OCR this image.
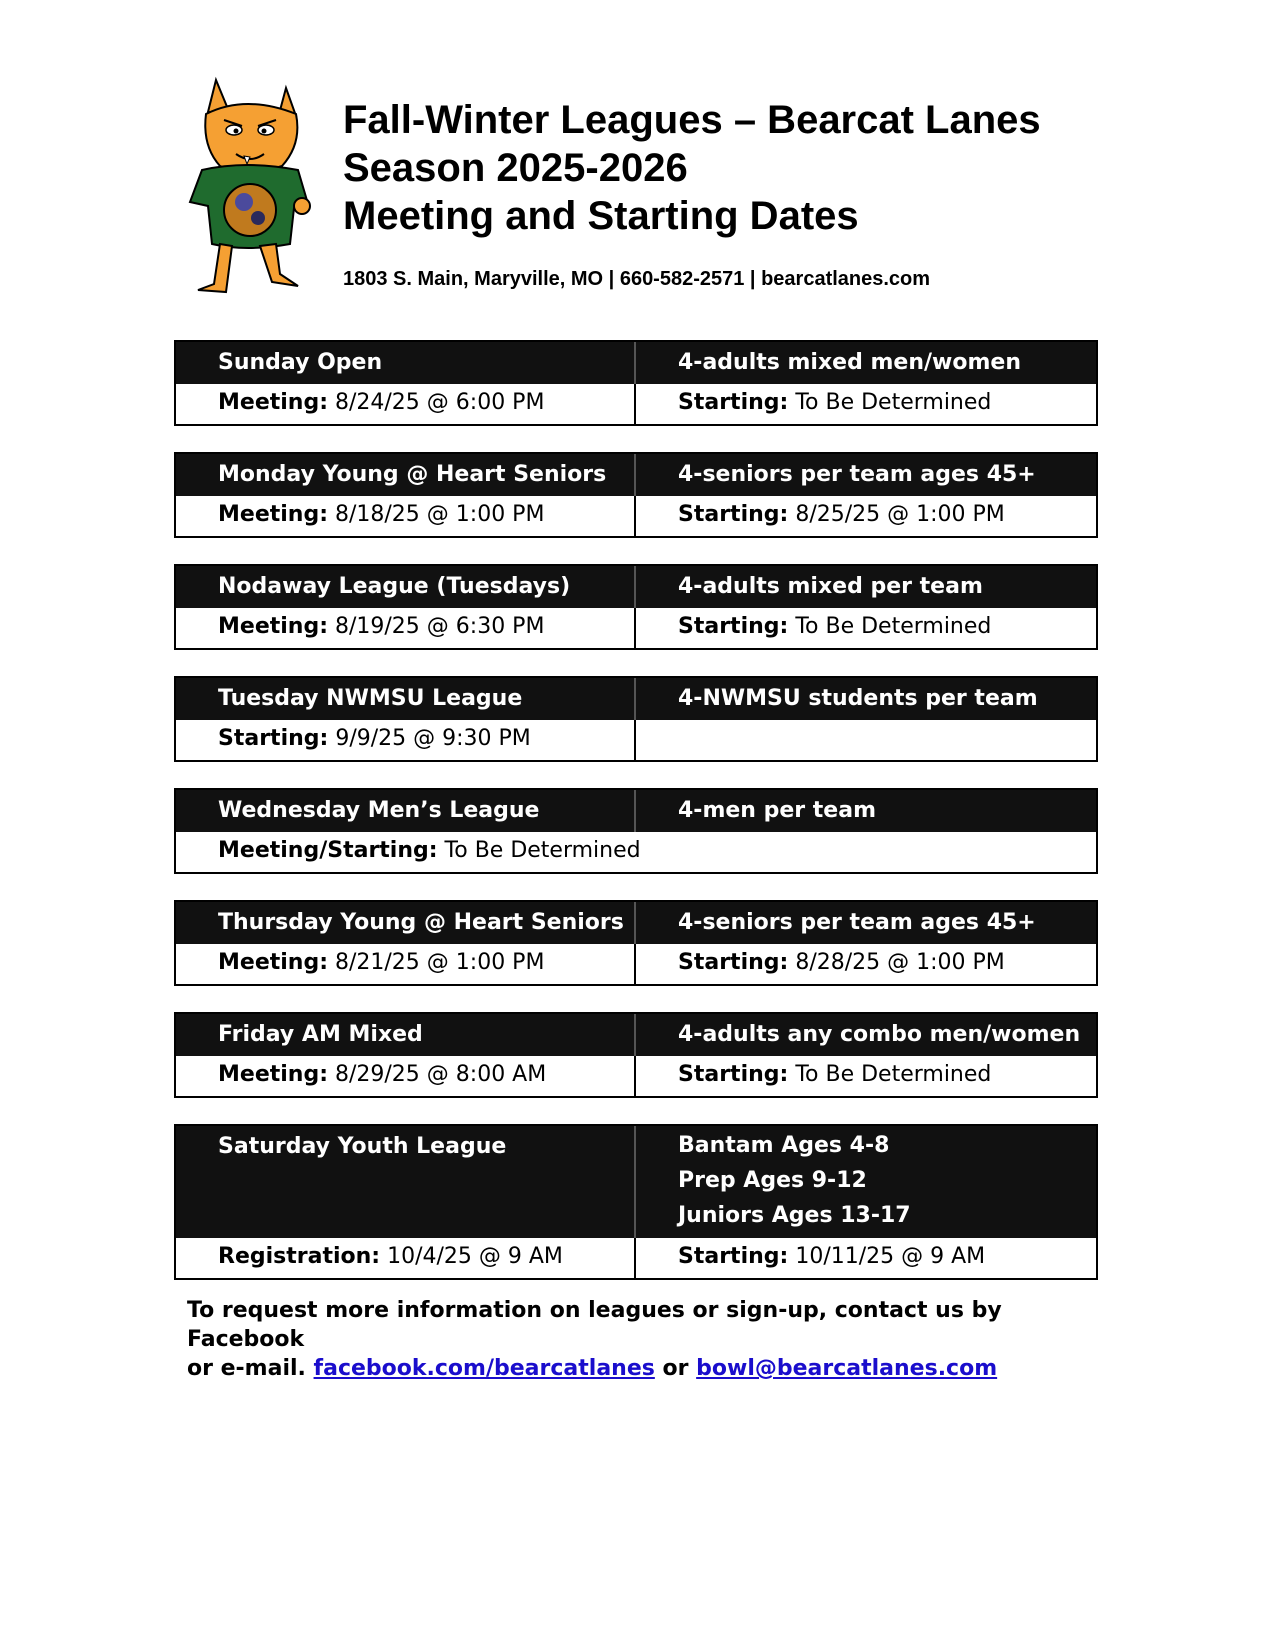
Fall-Winter Leagues – Bearcat Lanes
Season 2025-2026
Meeting and Starting Dates
1803 S. Main, Maryville, MO | 660-582-2571 | bearcatlanes.com
Sunday Open	4-adults mixed men/women
Meeting: 8/24/25 @ 6:00 PM	Starting: To Be Determined
Monday Young @ Heart Seniors	4-seniors per team ages 45+
Meeting: 8/18/25 @ 1:00 PM	Starting: 8/25/25 @ 1:00 PM
Nodaway League (Tuesdays)	4-adults mixed per team
Meeting: 8/19/25 @ 6:30 PM	Starting: To Be Determined
Tuesday NWMSU League	4-NWMSU students per team
Starting: 9/9/25 @ 9:30 PM
Wednesday Men’s League	4-men per team
Meeting/Starting: To Be Determined
Thursday Young @ Heart Seniors	4-seniors per team ages 45+
Meeting: 8/21/25 @ 1:00 PM	Starting: 8/28/25 @ 1:00 PM
Friday AM Mixed	4-adults any combo men/women
Meeting: 8/29/25 @ 8:00 AM	Starting: To Be Determined
Saturday Youth League	Bantam Ages 4-8
Prep Ages 9-12
Juniors Ages 13-17
Registration: 10/4/25 @ 9 AM	Starting: 10/11/25 @ 9 AM
To request more information on leagues or sign-up, contact us by Facebook
or e-mail. facebook.com/bearcatlanes or bowl@bearcatlanes.com
